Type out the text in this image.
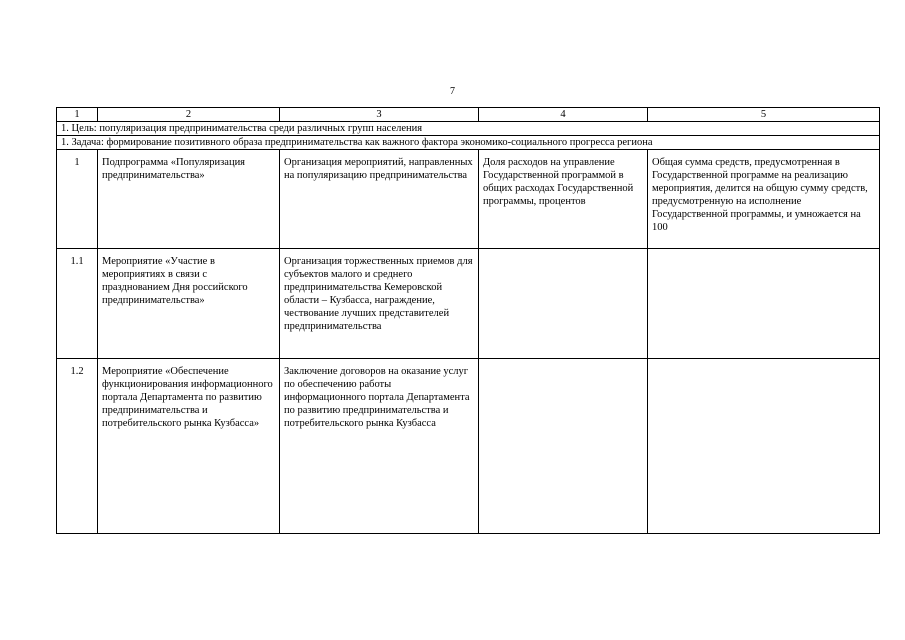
7
1	2	3	4	5
1. Цель: популяризация предпринимательства среди различных групп населения				
1. Задача: формирование позитивного образа предпринимательства как важного фактора экономико-социального прогресса региона				
1	Подпрограмма «Популяризация предпринимательства»	Организация мероприятий, направленных на популяризацию предпринимательства	Доля расходов на управление Государственной программой в общих расходах Государственной программы, процентов	Общая сумма средств, предусмотренная в Государственной программе на реализацию мероприятия, делится на общую сумму средств, предусмотренную на исполнение Государственной программы, и умножается на 100
1.1	Мероприятие «Участие в мероприятиях в связи с празднованием Дня российского предпринимательства»	Организация торжественных приемов для субъектов малого и среднего предпринимательства Кемеровской области – Кузбасса, награждение, чествование лучших представителей предпринимательства		
1.2	Мероприятие «Обеспечение функционирования информационного портала Департамента по развитию предпринимательства и потребительского рынка Кузбасса»	Заключение договоров на оказание услуг по обеспечению работы информационного портала Департамента по развитию предпринимательства и потребительского рынка Кузбасса		
